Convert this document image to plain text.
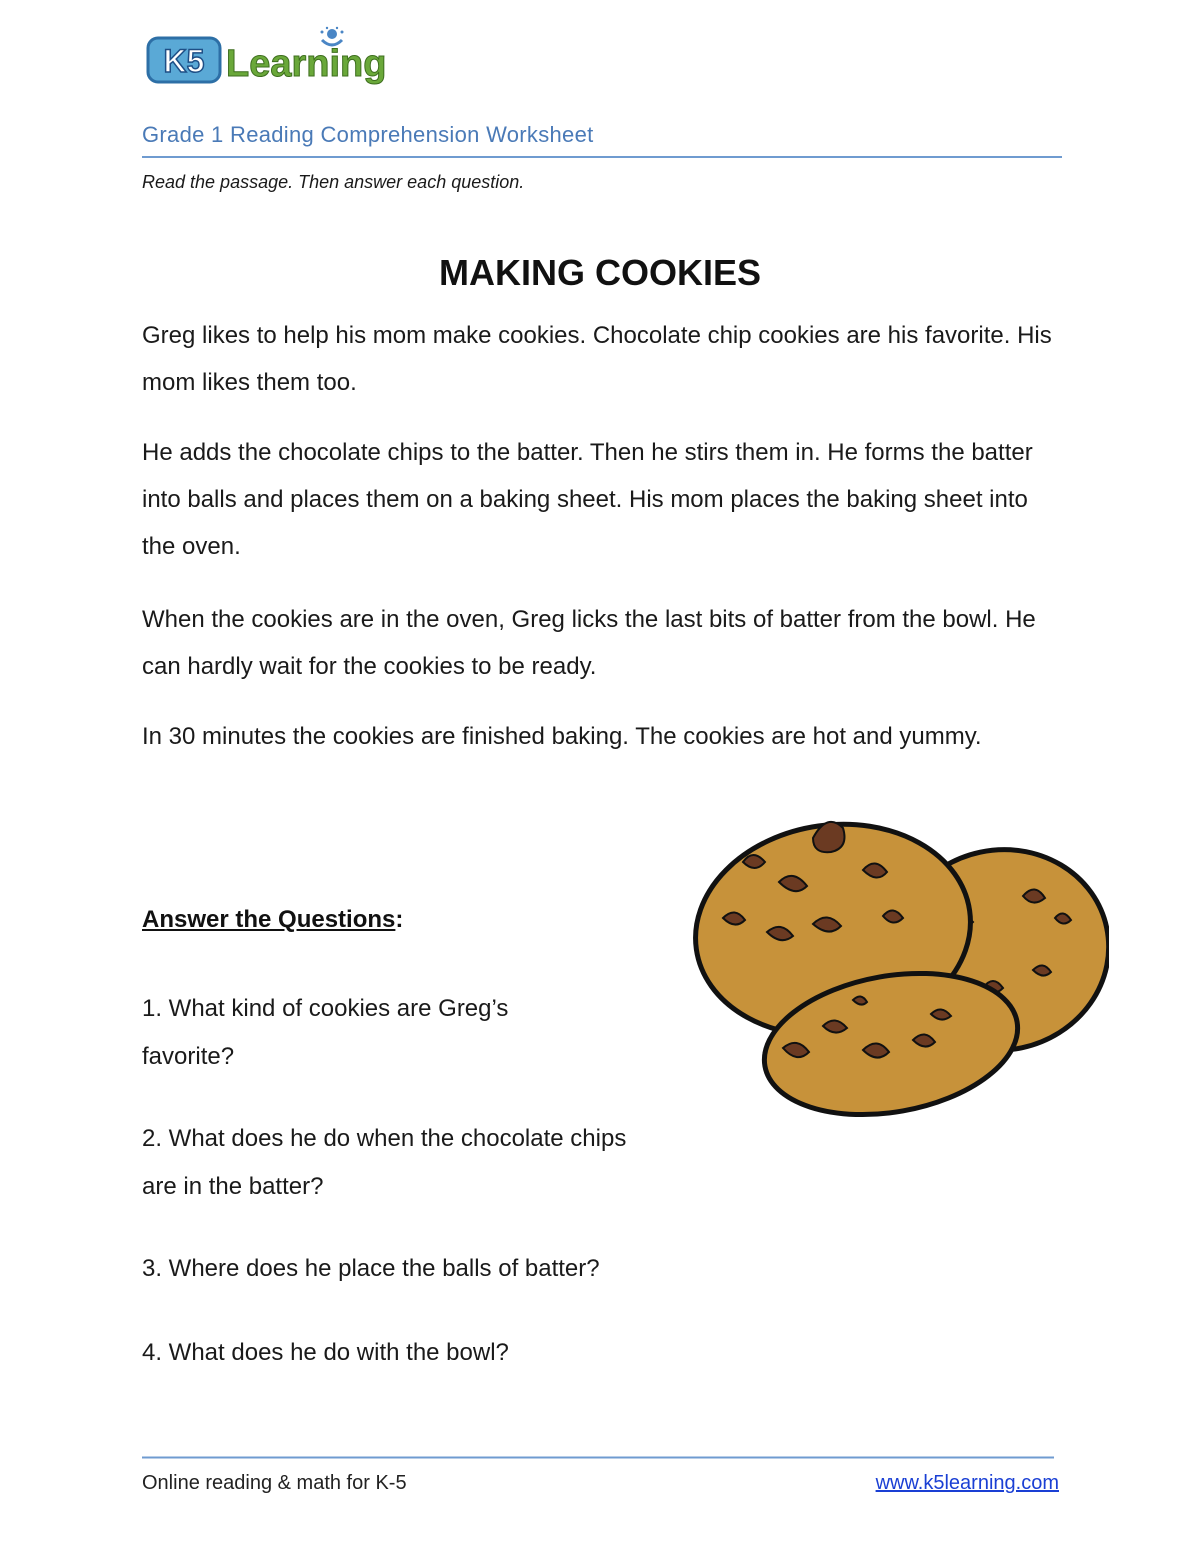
K5 Learning
Grade 1 Reading Comprehension Worksheet
Read the passage. Then answer each question.
MAKING COOKIES

Greg likes to help his mom make cookies. Chocolate chip cookies are his favorite. His mom likes them too.

He adds the chocolate chips to the batter. Then he stirs them in. He forms the batter into balls and places them on a baking sheet. His mom places the baking sheet into the oven.

When the cookies are in the oven, Greg licks the last bits of batter from the bowl. He can hardly wait for the cookies to be ready.

In 30 minutes the cookies are finished baking. The cookies are hot and yummy.

Answer the Questions:
1. What kind of cookies are Greg’s favorite?
2. What does he do when the chocolate chips are in the batter?
3. Where does he place the balls of batter?
4. What does he do with the bowl?
Online reading & math for K-5	www.k5learning.com
